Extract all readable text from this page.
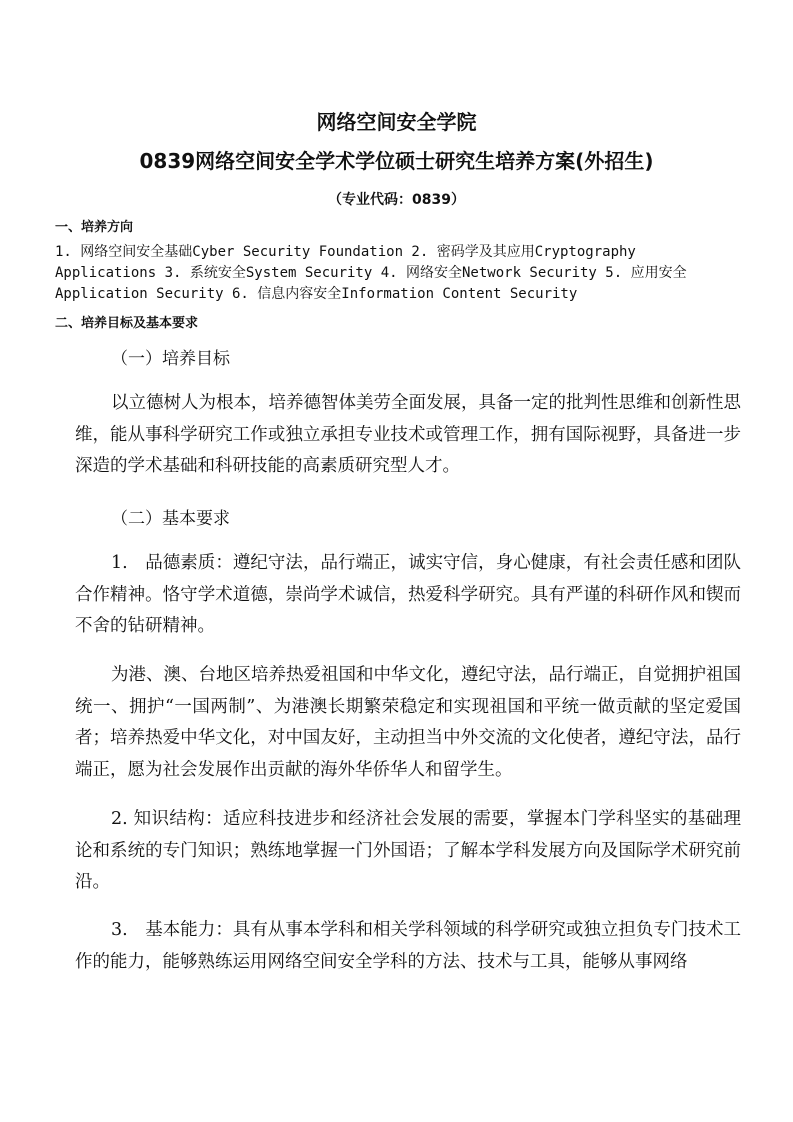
网络空间安全学院
0839网络空间安全学术学位硕士研究生培养方案(外招生)
（专业代码：0839）
一、培养方向
1. 网络空间安全基础Cyber Security Foundation 2. 密码学及其应用Cryptography Applications 3. 系统安全System Security 4. 网络安全Network Security 5. 应用安全Application Security 6. 信息内容安全Information Content Security
二、培养目标及基本要求
（一）培养目标
以立德树人为根本，培养德智体美劳全面发展，具备一定的批判性思维和创新性思维，能从事科学研究工作或独立承担专业技术或管理工作，拥有国际视野，具备进一步深造的学术基础和科研技能的高素质研究型人才。
（二）基本要求
1.　品德素质：遵纪守法，品行端正，诚实守信，身心健康，有社会责任感和团队合作精神。恪守学术道德，崇尚学术诚信，热爱科学研究。具有严谨的科研作风和锲而不舍的钻研精神。
为港、澳、台地区培养热爱祖国和中华文化，遵纪守法，品行端正，自觉拥护祖国统一、拥护“一国两制”、为港澳长期繁荣稳定和实现祖国和平统一做贡献的坚定爱国者；培养热爱中华文化，对中国友好，主动担当中外交流的文化使者，遵纪守法，品行端正，愿为社会发展作出贡献的海外华侨华人和留学生。
2. 知识结构：适应科技进步和经济社会发展的需要，掌握本门学科坚实的基础理论和系统的专门知识；熟练地掌握一门外国语；了解本学科发展方向及国际学术研究前沿。
3.　基本能力：具有从事本学科和相关学科领域的科学研究或独立担负专门技术工作的能力，能够熟练运用网络空间安全学科的方法、技术与工具，能够从事网络
